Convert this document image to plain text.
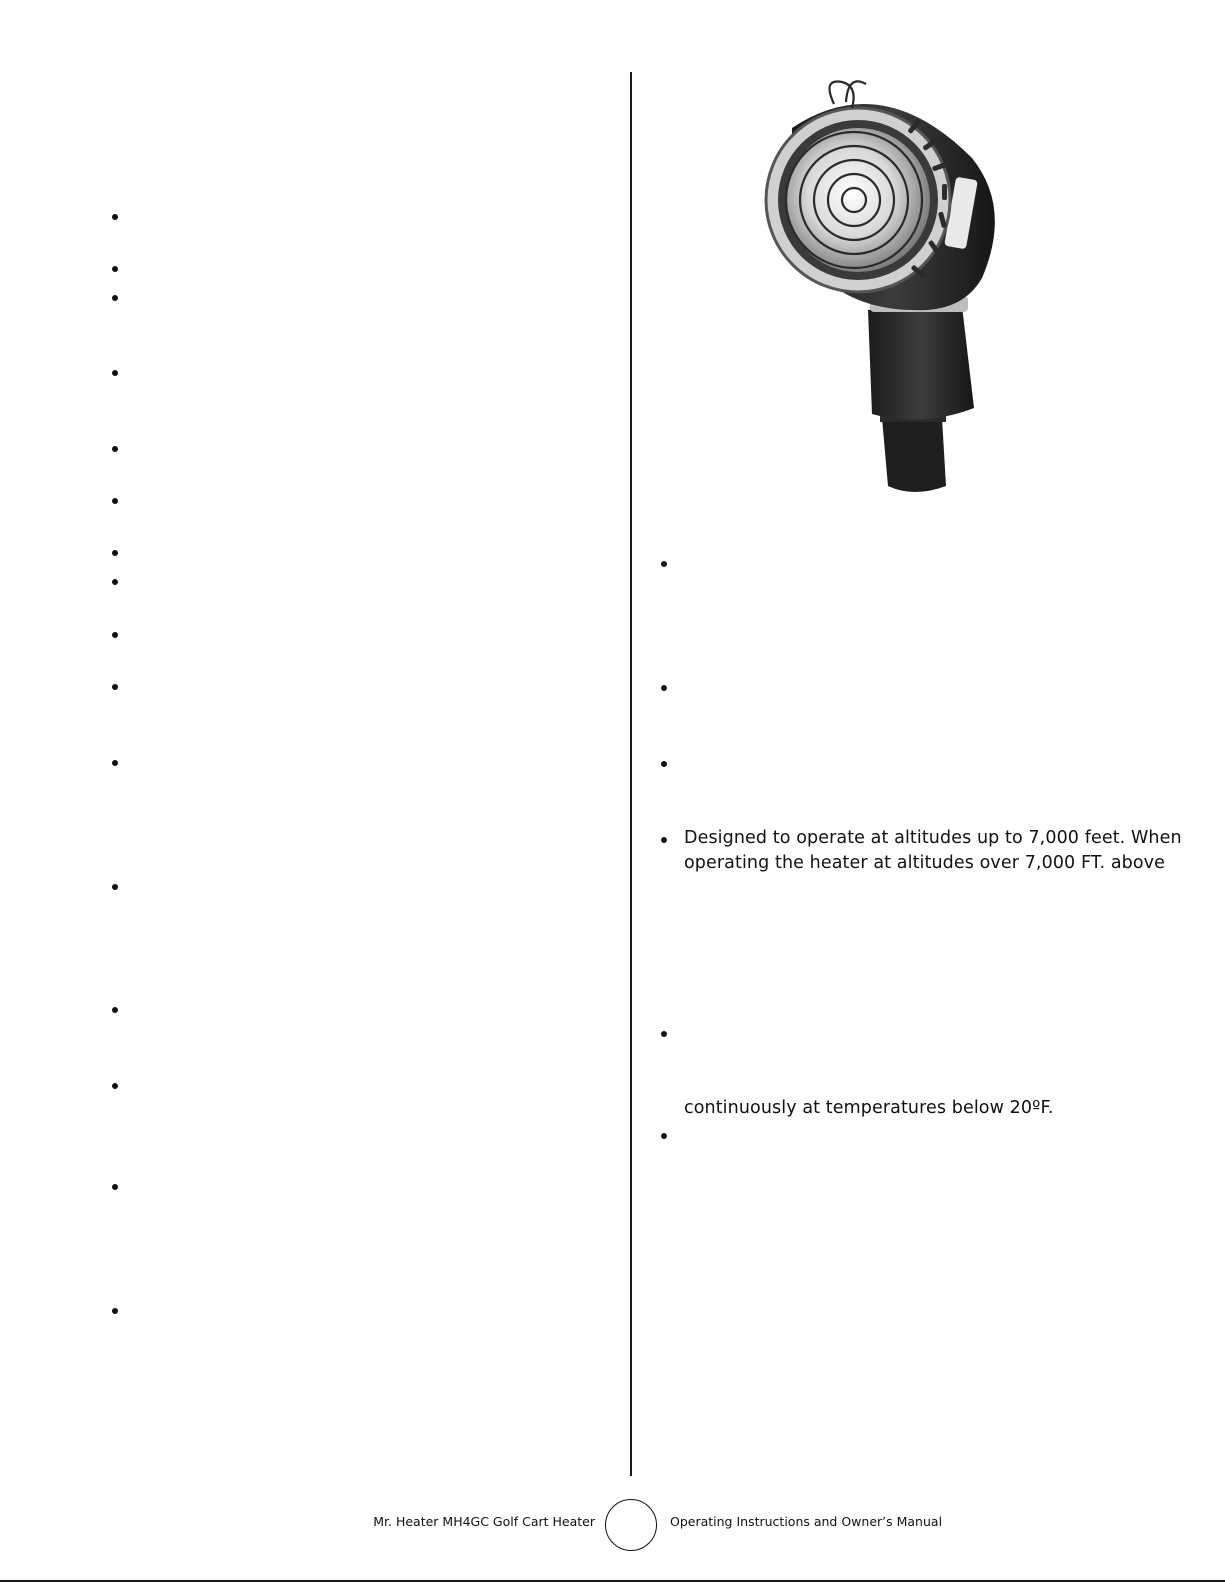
Designed to operate at altitudes up to 7,000 feet. When
operating the heater at altitudes over 7,000 FT. above
continuously at temperatures below 20ºF.
Mr. Heater MH4GC Golf Cart Heater	Operating Instructions and Owner’s Manual
